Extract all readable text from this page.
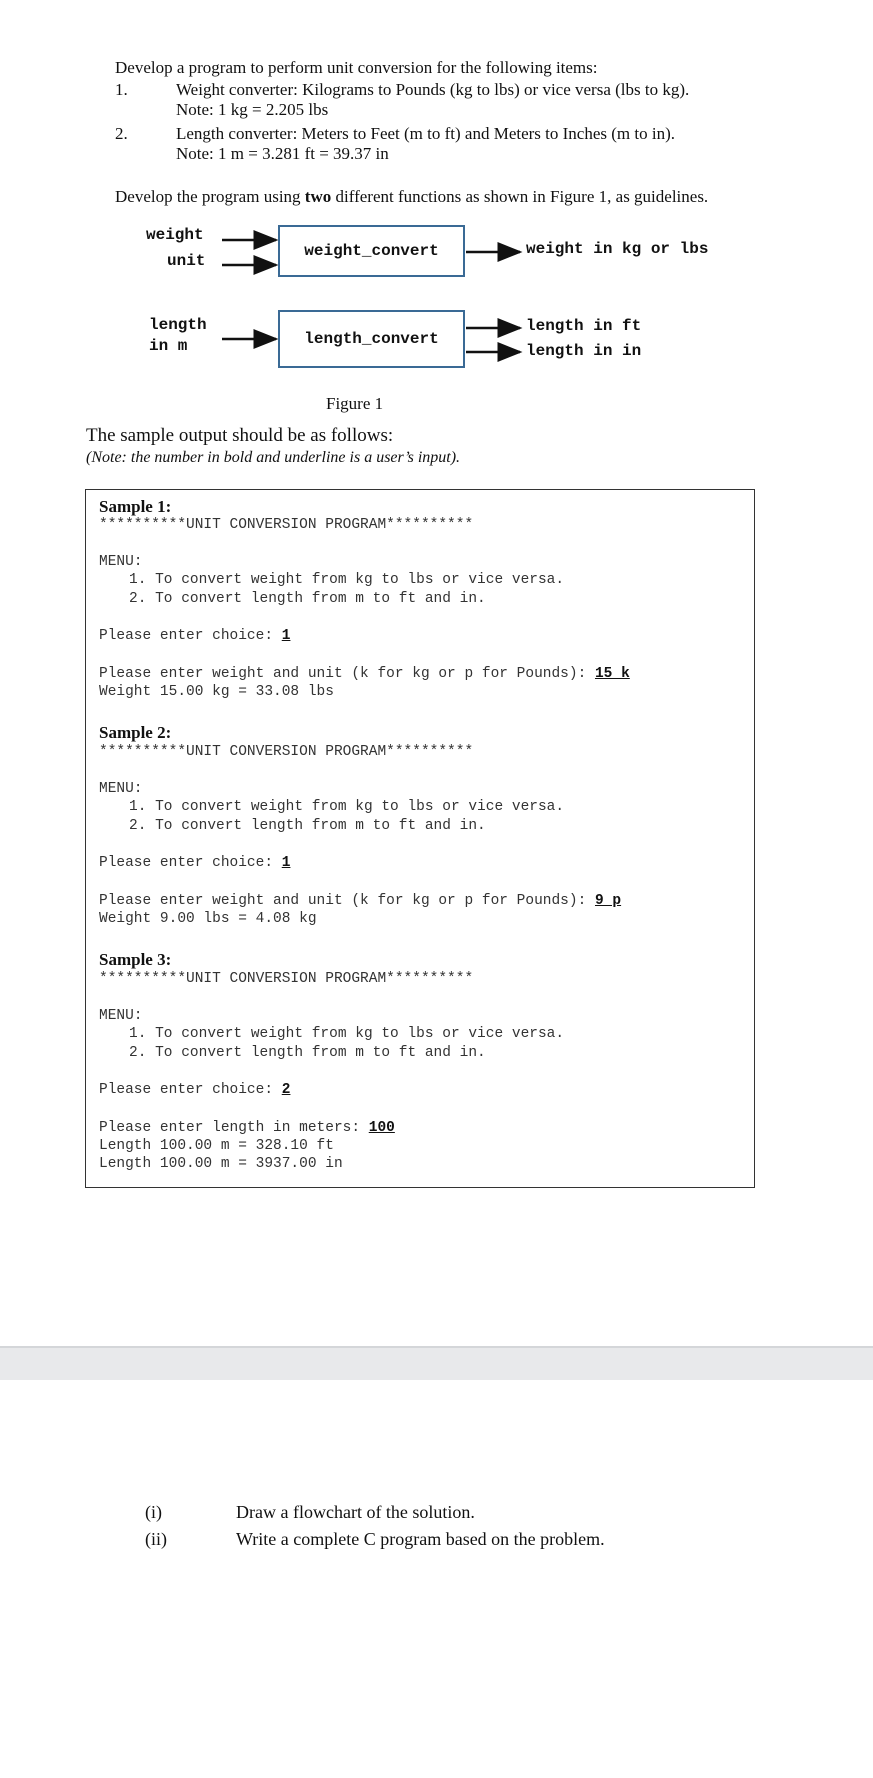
Develop a program to perform unit conversion for the following items:
1.	Weight converter: Kilograms to Pounds (kg to lbs) or vice versa (lbs to kg).
Note: 1 kg = 2.205 lbs
2.	Length converter: Meters to Feet (m to ft) and Meters to Inches (m to in).
Note: 1 m = 3.281 ft = 39.37 in
Develop the program using two different functions as shown in Figure 1, as guidelines.
weight
unit
weight_convert	weight in kg or lbs
length
in m	length_convert
length in ft
length in in
Figure 1
The sample output should be as follows:
(Note: the number in bold and underline is a user’s input).
Sample 1:
**********UNIT CONVERSION PROGRAM**********
MENU:
1. To convert weight from kg to lbs or vice versa.
2. To convert length from m to ft and in.
Please enter choice: 1
Please enter weight and unit (k for kg or p for Pounds): 15 k
Weight 15.00 kg = 33.08 lbs
Sample 2:
**********UNIT CONVERSION PROGRAM**********
MENU:
1. To convert weight from kg to lbs or vice versa.
2. To convert length from m to ft and in.
Please enter choice: 1
Please enter weight and unit (k for kg or p for Pounds): 9 p
Weight 9.00 lbs = 4.08 kg
Sample 3:
**********UNIT CONVERSION PROGRAM**********
MENU:
1. To convert weight from kg to lbs or vice versa.
2. To convert length from m to ft and in.
Please enter choice: 2
Please enter length in meters: 100
Length 100.00 m = 328.10 ft
Length 100.00 m = 3937.00 in
(i)	Draw a flowchart of the solution.
(ii)	Write a complete C program based on the problem.
